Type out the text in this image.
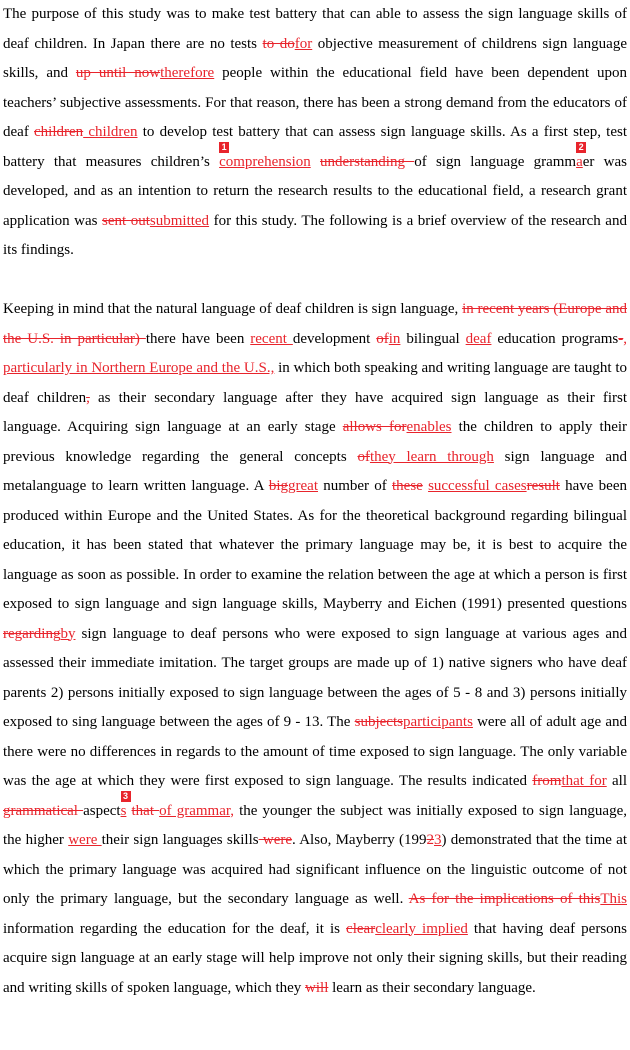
The purpose of this study was to make test battery that can able to assess the sign language skills of deaf children. In Japan there are no tests to dofor objective measurement of childrens sign language skills, and up until nowtherefore people within the educational field have been dependent upon teachers’ subjective assessments. For that reason, there has been a strong demand from the educators of deaf children children to develop test battery that can assess sign language skills. As a first step, test battery that measures children’s
1
comprehension understanding of sign language gramm
2
aer was developed, and as an intention to return the research results to the educational field, a research grant application was sent outsubmitted for this study. The following is a brief overview of the research and its findings.

Keeping in mind that the natural language of deaf children is sign language, in recent years (Europe and the U.S. in particular) there have been recent development ofin bilingual deaf education programs-, particularly in Northern Europe and the U.S., in which both speaking and writing language are taught to deaf children, as their secondary language after they have acquired sign language as their first language. Acquiring sign language at an early stage allows forenables the children to apply their previous knowledge regarding the general concepts ofthey learn through sign language and metalanguage to learn written language. A biggreat number of these successful casesresult have been produced within Europe and the United States. As for the theoretical background regarding bilingual education, it has been stated that whatever the primary language may be, it is best to acquire the language as soon as possible. In order to examine the relation between the age at which a person is first exposed to sign language and sign language skills, Mayberry and Eichen (1991) presented questions regardingby sign language to deaf persons who were exposed to sign language at various ages and assessed their immediate imitation. The target groups are made up of 1) native signers who have deaf parents 2) persons initially exposed to sign language between the ages of 5 - 8 and 3) persons initially exposed to sing language between the ages of 9 - 13. The subjectsparticipants were all of adult age and there were no differences in regards to the amount of time exposed to sign language. The only variable was the age at which they were first exposed to sign language. The results indicated fromthat for all grammatical aspect
3
s that of grammar, the younger the subject was initially exposed to sign language, the higher were their sign languages skills were. Also, Mayberry (19923) demonstrated that the time at which the primary language was acquired had significant influence on the linguistic outcome of not only the primary language, but the secondary language as well. As for the implications of thisThis information regarding the education for the deaf, it is clearclearly implied that having deaf persons acquire sign language at an early stage will help improve not only their signing skills, but their reading and writing skills of spoken language, which they will learn as their secondary language.
